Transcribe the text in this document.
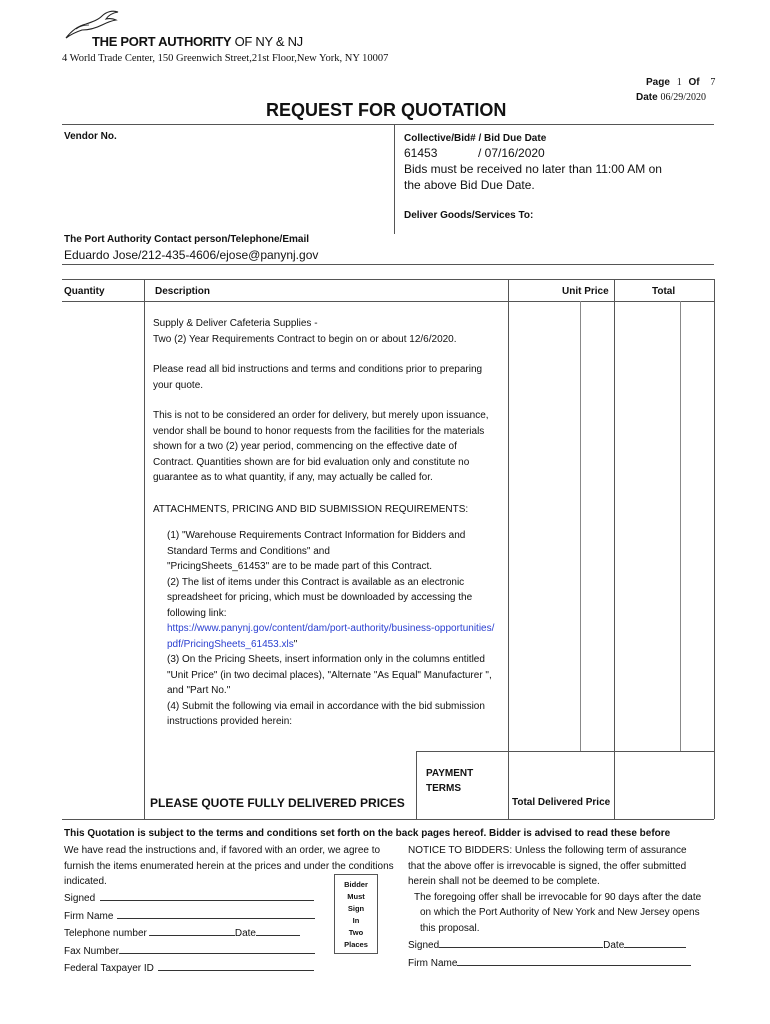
THE PORT AUTHORITY OF NY & NJ
4 World Trade Center, 150 Greenwich Street,21st Floor,New York, NY 10007
Page 1 Of 7
Date 06/29/2020
REQUEST FOR QUOTATION
Vendor No.	Collective/Bid# / Bid Due Date
61453	/ 07/16/2020
Bids must be received no later than 11:00 AM on
the above Bid Due Date.
Deliver Goods/Services To:
The Port Authority Contact person/Telephone/Email
Eduardo Jose/212-435-4606/ejose@panynj.gov
Quantity	Description	Unit Price	Total
Supply & Deliver Cafeteria Supplies -
Two (2) Year Requirements Contract to begin on or about 12/6/2020.
Please read all bid instructions and terms and conditions prior to preparing
your quote.
This is not to be considered an order for delivery, but merely upon issuance,
vendor shall be bound to honor requests from the facilities for the materials
shown for a two (2) year period, commencing on the effective date of
Contract. Quantities shown are for bid evaluation only and constitute no
guarantee as to what quantity, if any, may actually be called for.
ATTACHMENTS, PRICING AND BID SUBMISSION REQUIREMENTS:
(1) "Warehouse Requirements Contract Information for Bidders and
Standard Terms and Conditions" and
"PricingSheets_61453" are to be made part of this Contract.
(2) The list of items under this Contract is available as an electronic
spreadsheet for pricing, which must be downloaded by accessing the
following link:
https://www.panynj.gov/content/dam/port-authority/business-opportunities/
pdf/PricingSheets_61453.xls"
(3) On the Pricing Sheets, insert information only in the columns entitled
"Unit Price" (in two decimal places), "Alternate "As Equal" Manufacturer ",
and "Part No."
(4) Submit the following via email in accordance with the bid submission
instructions provided herein:
PAYMENT
TERMS
PLEASE QUOTE FULLY DELIVERED PRICES	Total Delivered Price
This Quotation is subject to the terms and conditions set forth on the back pages hereof. Bidder is advised to read these before
We have read the instructions and, if favored with an order, we agree to
furnish the items enumerated herein at the prices and under the conditions
indicated.
Signed
Firm Name
Telephone number	Date
Fax Number
Federal Taxpayer ID
Bidder
Must
Sign
In
Two
Places
NOTICE TO BIDDERS: Unless the following term of assurance
that the above offer is irrevocable is signed, the offer submitted
herein shall not be deemed to be complete.
The foregoing offer shall be irrevocable for 90 days after the date
on which the Port Authority of New York and New Jersey opens
this proposal.
Signed	Date
Firm Name
